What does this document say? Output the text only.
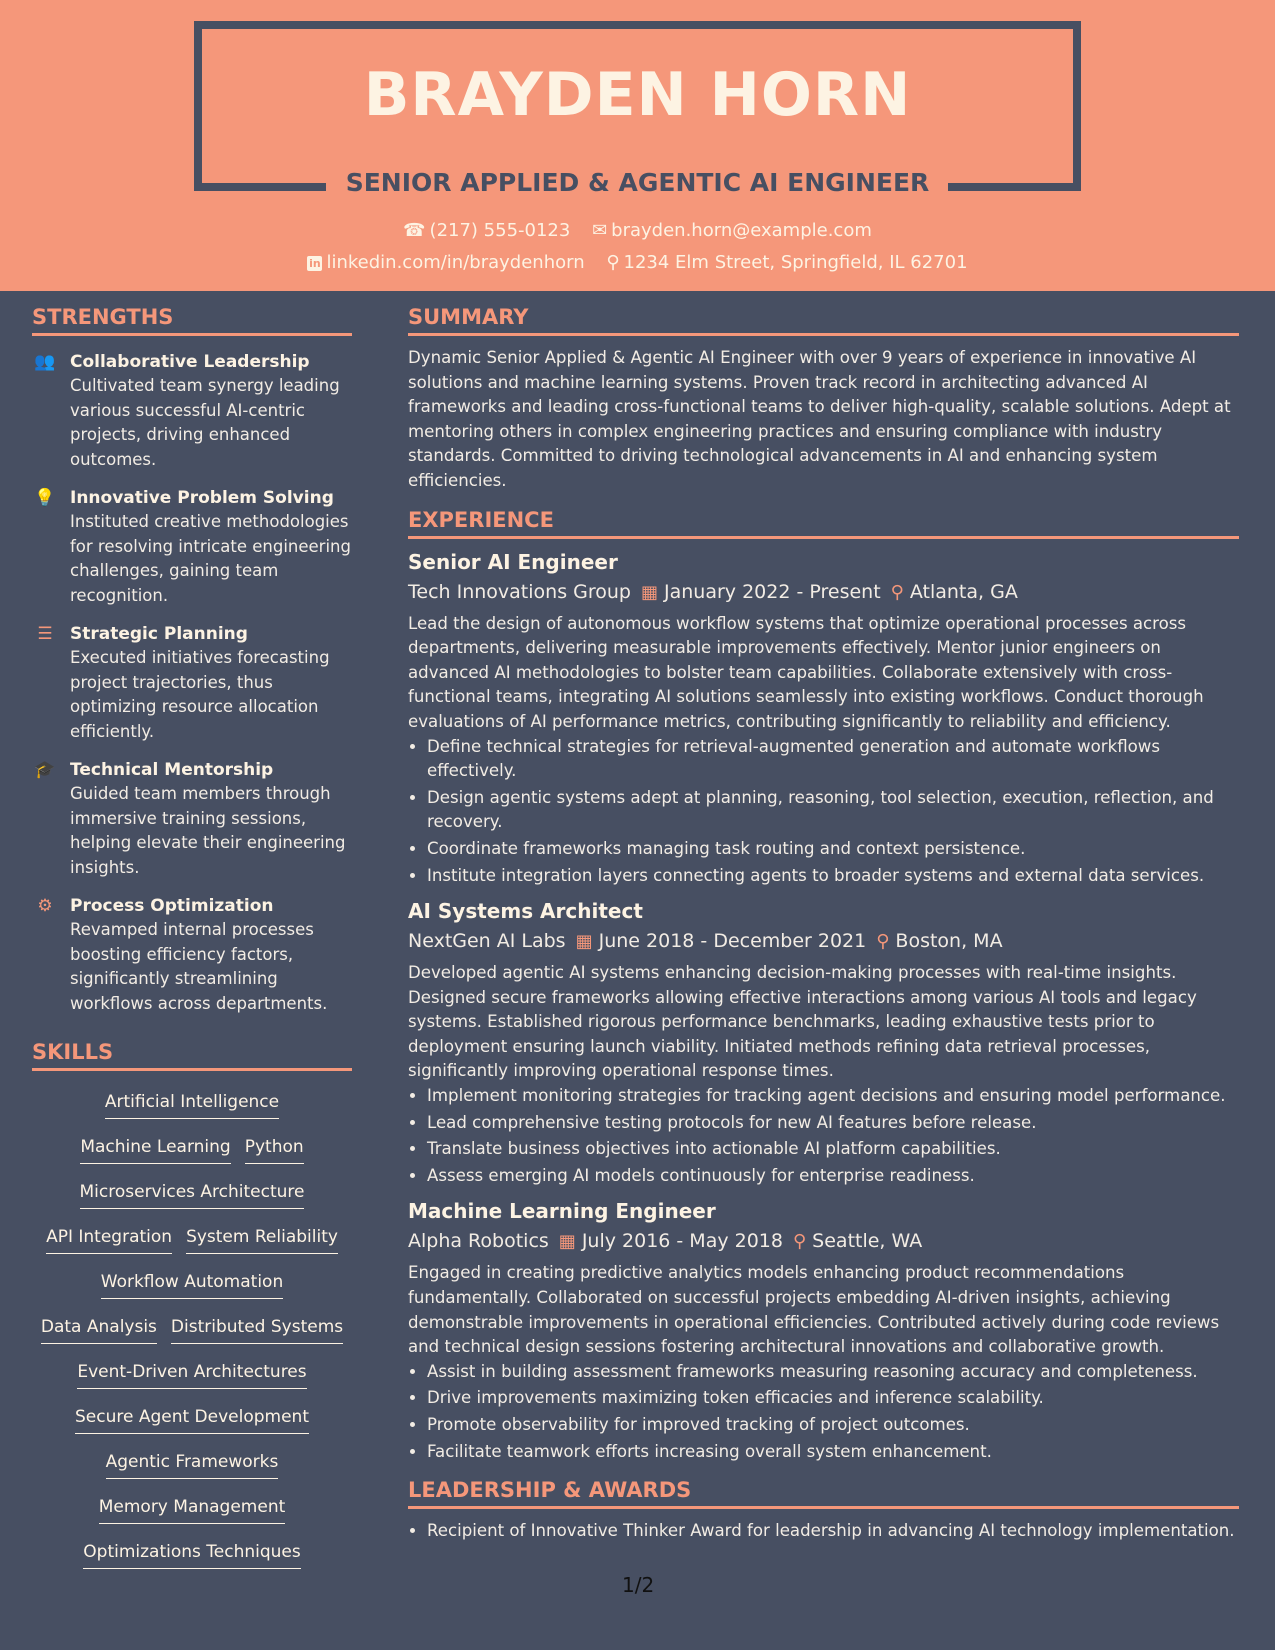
BRAYDEN HORN
SENIOR APPLIED & AGENTIC AI ENGINEER
☎ (217) 555-0123 ✉ brayden.horn@example.com
in linkedin.com/in/braydenhorn ⚲ 1234 Elm Street, Springfield, IL 62701
STRENGTHS
👥 Collaborative Leadership
Cultivated team synergy leading various successful AI-centric projects, driving enhanced outcomes.
💡 Innovative Problem Solving
Instituted creative methodologies for resolving intricate engineering challenges, gaining team recognition.
☰	Strategic Planning
Executed initiatives forecasting project trajectories, thus optimizing resource allocation efficiently.
🎓 Technical Mentorship
Guided team members through immersive training sessions, helping elevate their engineering insights.
⚙	Process Optimization
Revamped internal processes boosting efficiency factors, significantly streamlining workflows across departments.
SKILLS
Artificial Intelligence
Machine Learning Python
Microservices Architecture
API Integration System Reliability
Workflow Automation
Data Analysis Distributed Systems
Event-Driven Architectures
Secure Agent Development
Agentic Frameworks
Memory Management
Optimizations Techniques
SUMMARY

Dynamic Senior Applied & Agentic AI Engineer with over 9 years of experience in innovative AI solutions and machine learning systems. Proven track record in architecting advanced AI frameworks and leading cross-functional teams to deliver high-quality, scalable solutions. Adept at mentoring others in complex engineering practices and ensuring compliance with industry standards. Committed to driving technological advancements in AI and enhancing system efficiencies.

EXPERIENCE
Senior AI Engineer
Tech Innovations Group ▦ January 2022 - Present ⚲ Atlanta, GA

Lead the design of autonomous workflow systems that optimize operational processes across departments, delivering measurable improvements effectively. Mentor junior engineers on advanced AI methodologies to bolster team capabilities. Collaborate extensively with cross-functional teams, integrating AI solutions seamlessly into existing workflows. Conduct thorough evaluations of AI performance metrics, contributing significantly to reliability and efficiency.

• Define technical strategies for retrieval-augmented generation and automate workflows effectively.
• Design agentic systems adept at planning, reasoning, tool selection, execution, reflection, and recovery.
• Coordinate frameworks managing task routing and context persistence.
• Institute integration layers connecting agents to broader systems and external data services.
AI Systems Architect
NextGen AI Labs ▦ June 2018 - December 2021 ⚲ Boston, MA

Developed agentic AI systems enhancing decision-making processes with real-time insights. Designed secure frameworks allowing effective interactions among various AI tools and legacy systems. Established rigorous performance benchmarks, leading exhaustive tests prior to deployment ensuring launch viability. Initiated methods refining data retrieval processes, significantly improving operational response times.

• Implement monitoring strategies for tracking agent decisions and ensuring model performance.
• Lead comprehensive testing protocols for new AI features before release.
• Translate business objectives into actionable AI platform capabilities.
• Assess emerging AI models continuously for enterprise readiness.
Machine Learning Engineer
Alpha Robotics ▦ July 2016 - May 2018 ⚲ Seattle, WA

Engaged in creating predictive analytics models enhancing product recommendations fundamentally. Collaborated on successful projects embedding AI-driven insights, achieving demonstrable improvements in operational efficiencies. Contributed actively during code reviews and technical design sessions fostering architectural innovations and collaborative growth.

• Assist in building assessment frameworks measuring reasoning accuracy and completeness.
• Drive improvements maximizing token efficacies and inference scalability.
• Promote observability for improved tracking of project outcomes.
• Facilitate teamwork efforts increasing overall system enhancement.
LEADERSHIP & AWARDS
• Recipient of Innovative Thinker Award for leadership in advancing AI technology implementation.
1/2
